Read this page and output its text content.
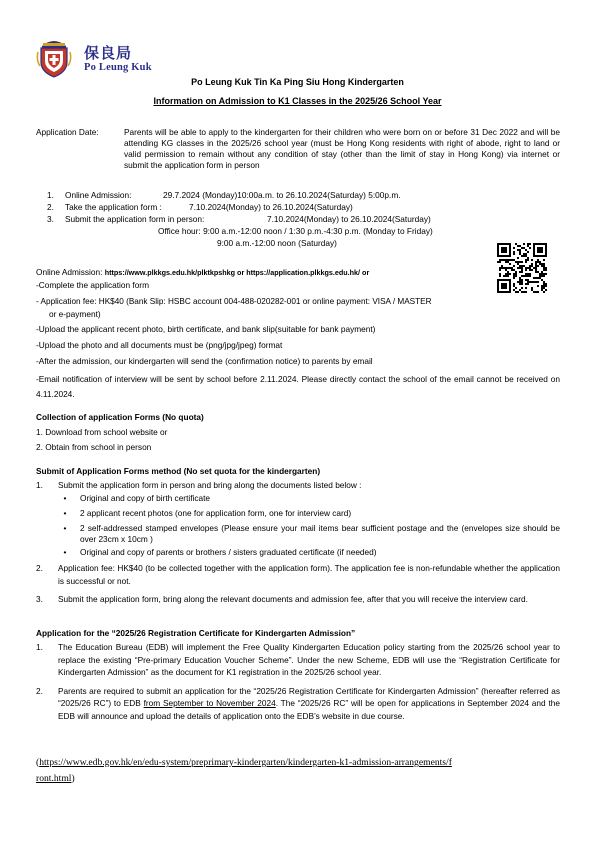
保良局
Po Leung Kuk
Po Leung Kuk Tin Ka Ping Siu Hong Kindergarten
Information on Admission to K1 Classes in the 2025/26 School Year
Application Date:	Parents will be able to apply to the kindergarten for their children who were born on or before 31 Dec 2022 and will be attending KG classes in the 2025/26 school year (must be Hong Kong residents with right of abode, right to land or valid permission to remain without any condition of stay (other than the limit of stay in Hong Kong) via internet or submit the application form in person
1. Online Admission:	29.7.2024 (Monday)10:00a.m. to 26.10.2024(Saturday) 5:00p.m.
2. Take the application form :	7.10.2024(Monday) to 26.10.2024(Saturday)
3. Submit the application form in person:	7.10.2024(Monday) to 26.10.2024(Saturday)
Office hour: 9:00 a.m.-12:00 noon / 1:30 p.m.-4:30 p.m. (Monday to Friday)
9:00 a.m.-12:00 noon (Saturday)
Online Admission: https://www.plkkgs.edu.hk/plktkpshkg or https://application.plkkgs.edu.hk/ or
-Complete the application form
- Application fee: HK$40 (Bank Slip: HSBC account 004-488-020282-001 or online payment: VISA / MASTER
or e-payment)
-Upload the applicant recent photo, birth certificate, and bank slip(suitable for bank payment)
-Upload the photo and all documents must be (png/jpg/jpeg) format
-After the admission, our kindergarten will send the (confirmation notice) to parents by email
-Email notification of interview will be sent by school before 2.11.2024. Please directly contact the school of the email cannot be received on 4.11.2024.
Collection of application Forms (No quota)
1. Download from school website or
2. Obtain from school in person
Submit of Application Forms method (No set quota for the kindergarten)
1.	Submit the application form in person and bring along the documents listed below :
•	Original and copy of birth certificate
•	2 applicant recent photos (one for application form, one for interview card)
•	2 self-addressed stamped envelopes (Please ensure your mail items bear sufficient postage and the (envelopes size should be over 23cm x 10cm )
•	Original and copy of parents or brothers / sisters graduated certificate (if needed)
2.	Application fee: HK$40 (to be collected together with the application form). The application fee is non-refundable whether the application is successful or not.
3.	Submit the application form, bring along the relevant documents and admission fee, after that you will receive the interview card.
Application for the “2025/26 Registration Certificate for Kindergarten Admission”
1.	The Education Bureau (EDB) will implement the Free Quality Kindergarten Education policy starting from the 2025/26 school year to replace the existing “Pre-primary Education Voucher Scheme”. Under the new Scheme, EDB will use the “Registration Certificate for Kindergarten Admission” as the document for K1 registration in the 2025/26 school year.
2.	Parents are required to submit an application for the “2025/26 Registration Certificate for Kindergarten Admission” (hereafter referred as “2025/26 RC”) to EDB from September to November 2024. The “2025/26 RC” will be open for applications in September 2024 and the EDB will announce and upload the details of application onto the EDB’s website in due course.
(https://www.edb.gov.hk/en/edu-system/preprimary-kindergarten/kindergarten-k1-admission-arrangements/f
ront.html)
